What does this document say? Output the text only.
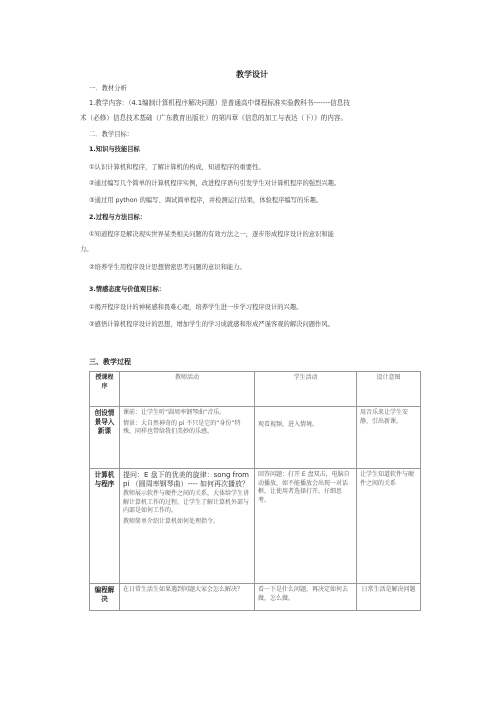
教学设计
一．教材分析
1.教学内容：（4.1编制计算机程序解决问题）是普通高中课程标准实验教科书-------信息技
术（必修）信息技术基础（广东教育出版社）的第四章《信息的加工与表达（下）》的内容。
二．教学目标：
1.知识与技能目标
①认识计算机和程序，了解计算机的构成，知道程序的重要性。
②通过编写几个简单的计算机程序实例，改进程序语句引发学生对计算机程序的强烈兴趣。
③通过用 python 的编写、调试简单程序，并检测运行结果，体验程序编写的乐趣。
2.过程与方法目标：
①知道程序是解决现实世界某类相关问题的有效方法之一，逐步形成程序设计的意识和能
力。
②培养学生用程序设计思想情密思考问题的意识和能力。
3.情感态度与价值观目标：
①揭开程序设计的神秘感和畏难心理，培养学生进一步学习程序设计的兴趣。
②感悟计算机程序设计的思想，增加学生的学习成就感和形成严谨客观的解决问题作风。
三、教学过程
授课程序	教师活动	学生活动	设计意图
创设情景导入新课	课前：让学生听“圆周率钢琴曲”音乐。

情景：大自然神奇的 pi 不只是它的“身份”特殊，同样也带给我们美妙的乐感。	观看视频，进入情境。	用音乐来让学生安静，引出新课。
计算机与程序	提问：E 盘下的优美的旋律：song from pi （圆周率钢琴曲）---- 如何再次播放？

教师展示软件与硬件之间的关系，大体给学生讲解计算机工作的过程，让学生了解计算机外部与内部是如何工作的。

教师简单介绍计算机如何处理指令。	回答问题：打开 E 盘双击，电脑自动播放，如不能播放会出现一对话框，让使用者选择打开。仔细思考。	让学生知道软件与硬件之间的关系
编程解决	在日常生活生如果遇到问题大家会怎么解决？	看一下是什么问题，再决定如何去做，怎么做。	日常生活是解决问题
